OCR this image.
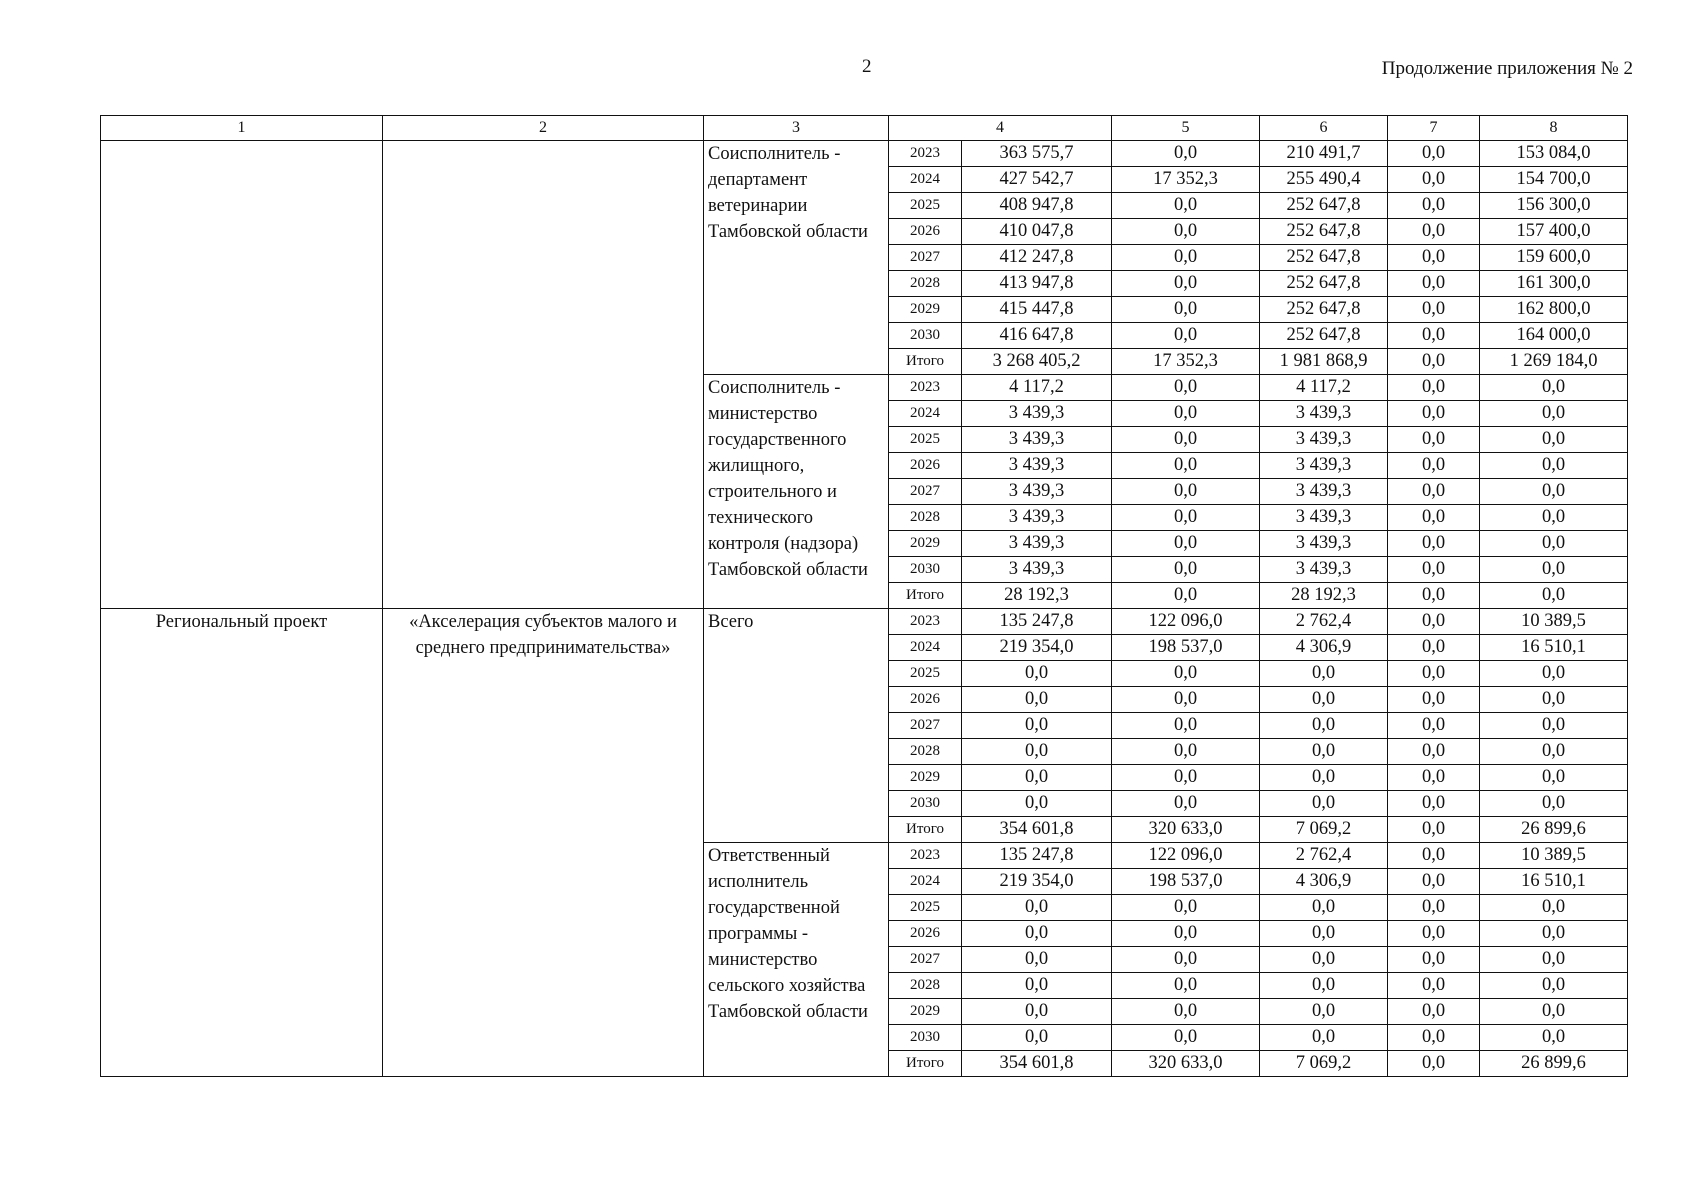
2	Продолжение приложения № 2
1	2	3	4		5	6	7	8
		Соисполнитель - департамент ветеринарии Тамбовской области	2023	363 575,7	0,0	210 491,7	0,0	153 084,0
			2024	427 542,7	17 352,3	255 490,4	0,0	154 700,0
			2025	408 947,8	0,0	252 647,8	0,0	156 300,0
			2026	410 047,8	0,0	252 647,8	0,0	157 400,0
			2027	412 247,8	0,0	252 647,8	0,0	159 600,0
			2028	413 947,8	0,0	252 647,8	0,0	161 300,0
			2029	415 447,8	0,0	252 647,8	0,0	162 800,0
			2030	416 647,8	0,0	252 647,8	0,0	164 000,0
			Итого	3 268 405,2	17 352,3	1 981 868,9	0,0	1 269 184,0
		Соисполнитель - министерство государственного жилищного, строительного и технического контроля (надзора) Тамбовской области	2023	4 117,2	0,0	4 117,2	0,0	0,0
			2024	3 439,3	0,0	3 439,3	0,0	0,0
			2025	3 439,3	0,0	3 439,3	0,0	0,0
			2026	3 439,3	0,0	3 439,3	0,0	0,0
			2027	3 439,3	0,0	3 439,3	0,0	0,0
			2028	3 439,3	0,0	3 439,3	0,0	0,0
			2029	3 439,3	0,0	3 439,3	0,0	0,0
			2030	3 439,3	0,0	3 439,3	0,0	0,0
			Итого	28 192,3	0,0	28 192,3	0,0	0,0
Региональный проект	«Акселерация субъектов малого и среднего предпринимательства»	Всего	2023	135 247,8	122 096,0	2 762,4	0,0	10 389,5
			2024	219 354,0	198 537,0	4 306,9	0,0	16 510,1
			2025	0,0	0,0	0,0	0,0	0,0
			2026	0,0	0,0	0,0	0,0	0,0
			2027	0,0	0,0	0,0	0,0	0,0
			2028	0,0	0,0	0,0	0,0	0,0
			2029	0,0	0,0	0,0	0,0	0,0
			2030	0,0	0,0	0,0	0,0	0,0
			Итого	354 601,8	320 633,0	7 069,2	0,0	26 899,6
		Ответственный исполнитель государственной программы - министерство сельского хозяйства Тамбовской области	2023	135 247,8	122 096,0	2 762,4	0,0	10 389,5
			2024	219 354,0	198 537,0	4 306,9	0,0	16 510,1
			2025	0,0	0,0	0,0	0,0	0,0
			2026	0,0	0,0	0,0	0,0	0,0
			2027	0,0	0,0	0,0	0,0	0,0
			2028	0,0	0,0	0,0	0,0	0,0
			2029	0,0	0,0	0,0	0,0	0,0
			2030	0,0	0,0	0,0	0,0	0,0
			Итого	354 601,8	320 633,0	7 069,2	0,0	26 899,6
